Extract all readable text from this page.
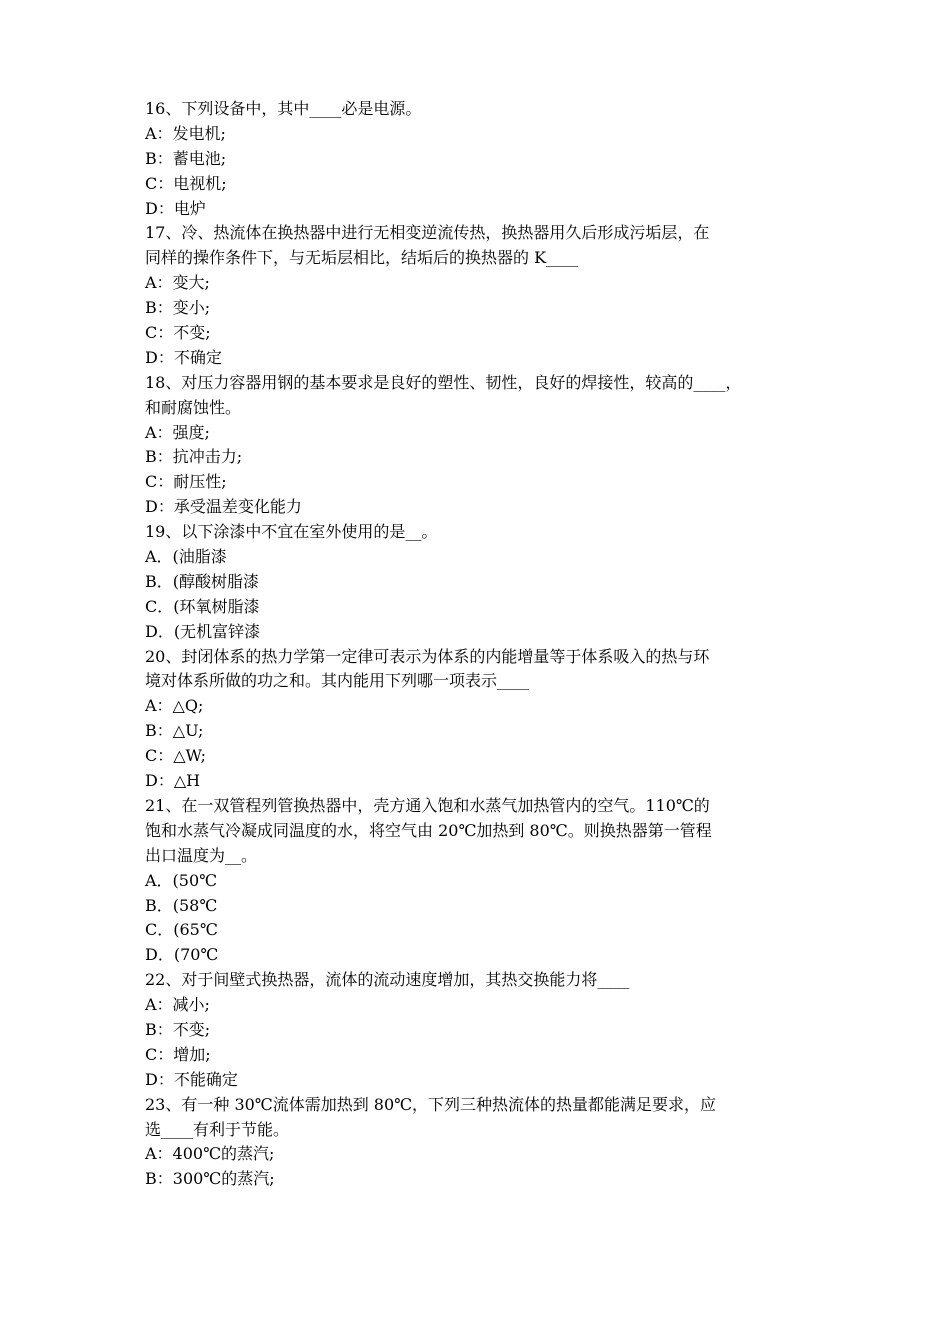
16、下列设备中，其中____必是电源。
A：发电机;
B：蓄电池;
C：电视机;
D：电炉
17、冷、热流体在换热器中进行无相变逆流传热，换热器用久后形成污垢层，在
同样的操作条件下，与无垢层相比，结垢后的换热器的 K____
A：变大;
B：变小;
C：不变;
D：不确定
18、对压力容器用钢的基本要求是良好的塑性、韧性，良好的焊接性，较高的____，
和耐腐蚀性。
A：强度;
B：抗冲击力;
C：耐压性;
D：承受温差变化能力
19、以下涂漆中不宜在室外使用的是__。
A．(油脂漆
B．(醇酸树脂漆
C．(环氧树脂漆
D．(无机富锌漆
20、封闭体系的热力学第一定律可表示为体系的内能增量等于体系吸入的热与环
境对体系所做的功之和。其内能用下列哪一项表示____
A：△Q;
B：△U;
C：△W;
D：△H
21、在一双管程列管换热器中，壳方通入饱和水蒸气加热管内的空气。110℃的
饱和水蒸气冷凝成同温度的水，将空气由 20℃加热到 80℃。则换热器第一管程
出口温度为__。
A．(50℃
B．(58℃
C．(65℃
D．(70℃
22、对于间壁式换热器，流体的流动速度增加，其热交换能力将____
A：减小;
B：不变;
C：增加;
D：不能确定
23、有一种 30℃流体需加热到 80℃，下列三种热流体的热量都能满足要求，应
选____有利于节能。
A：400℃的蒸汽;
B：300℃的蒸汽;
